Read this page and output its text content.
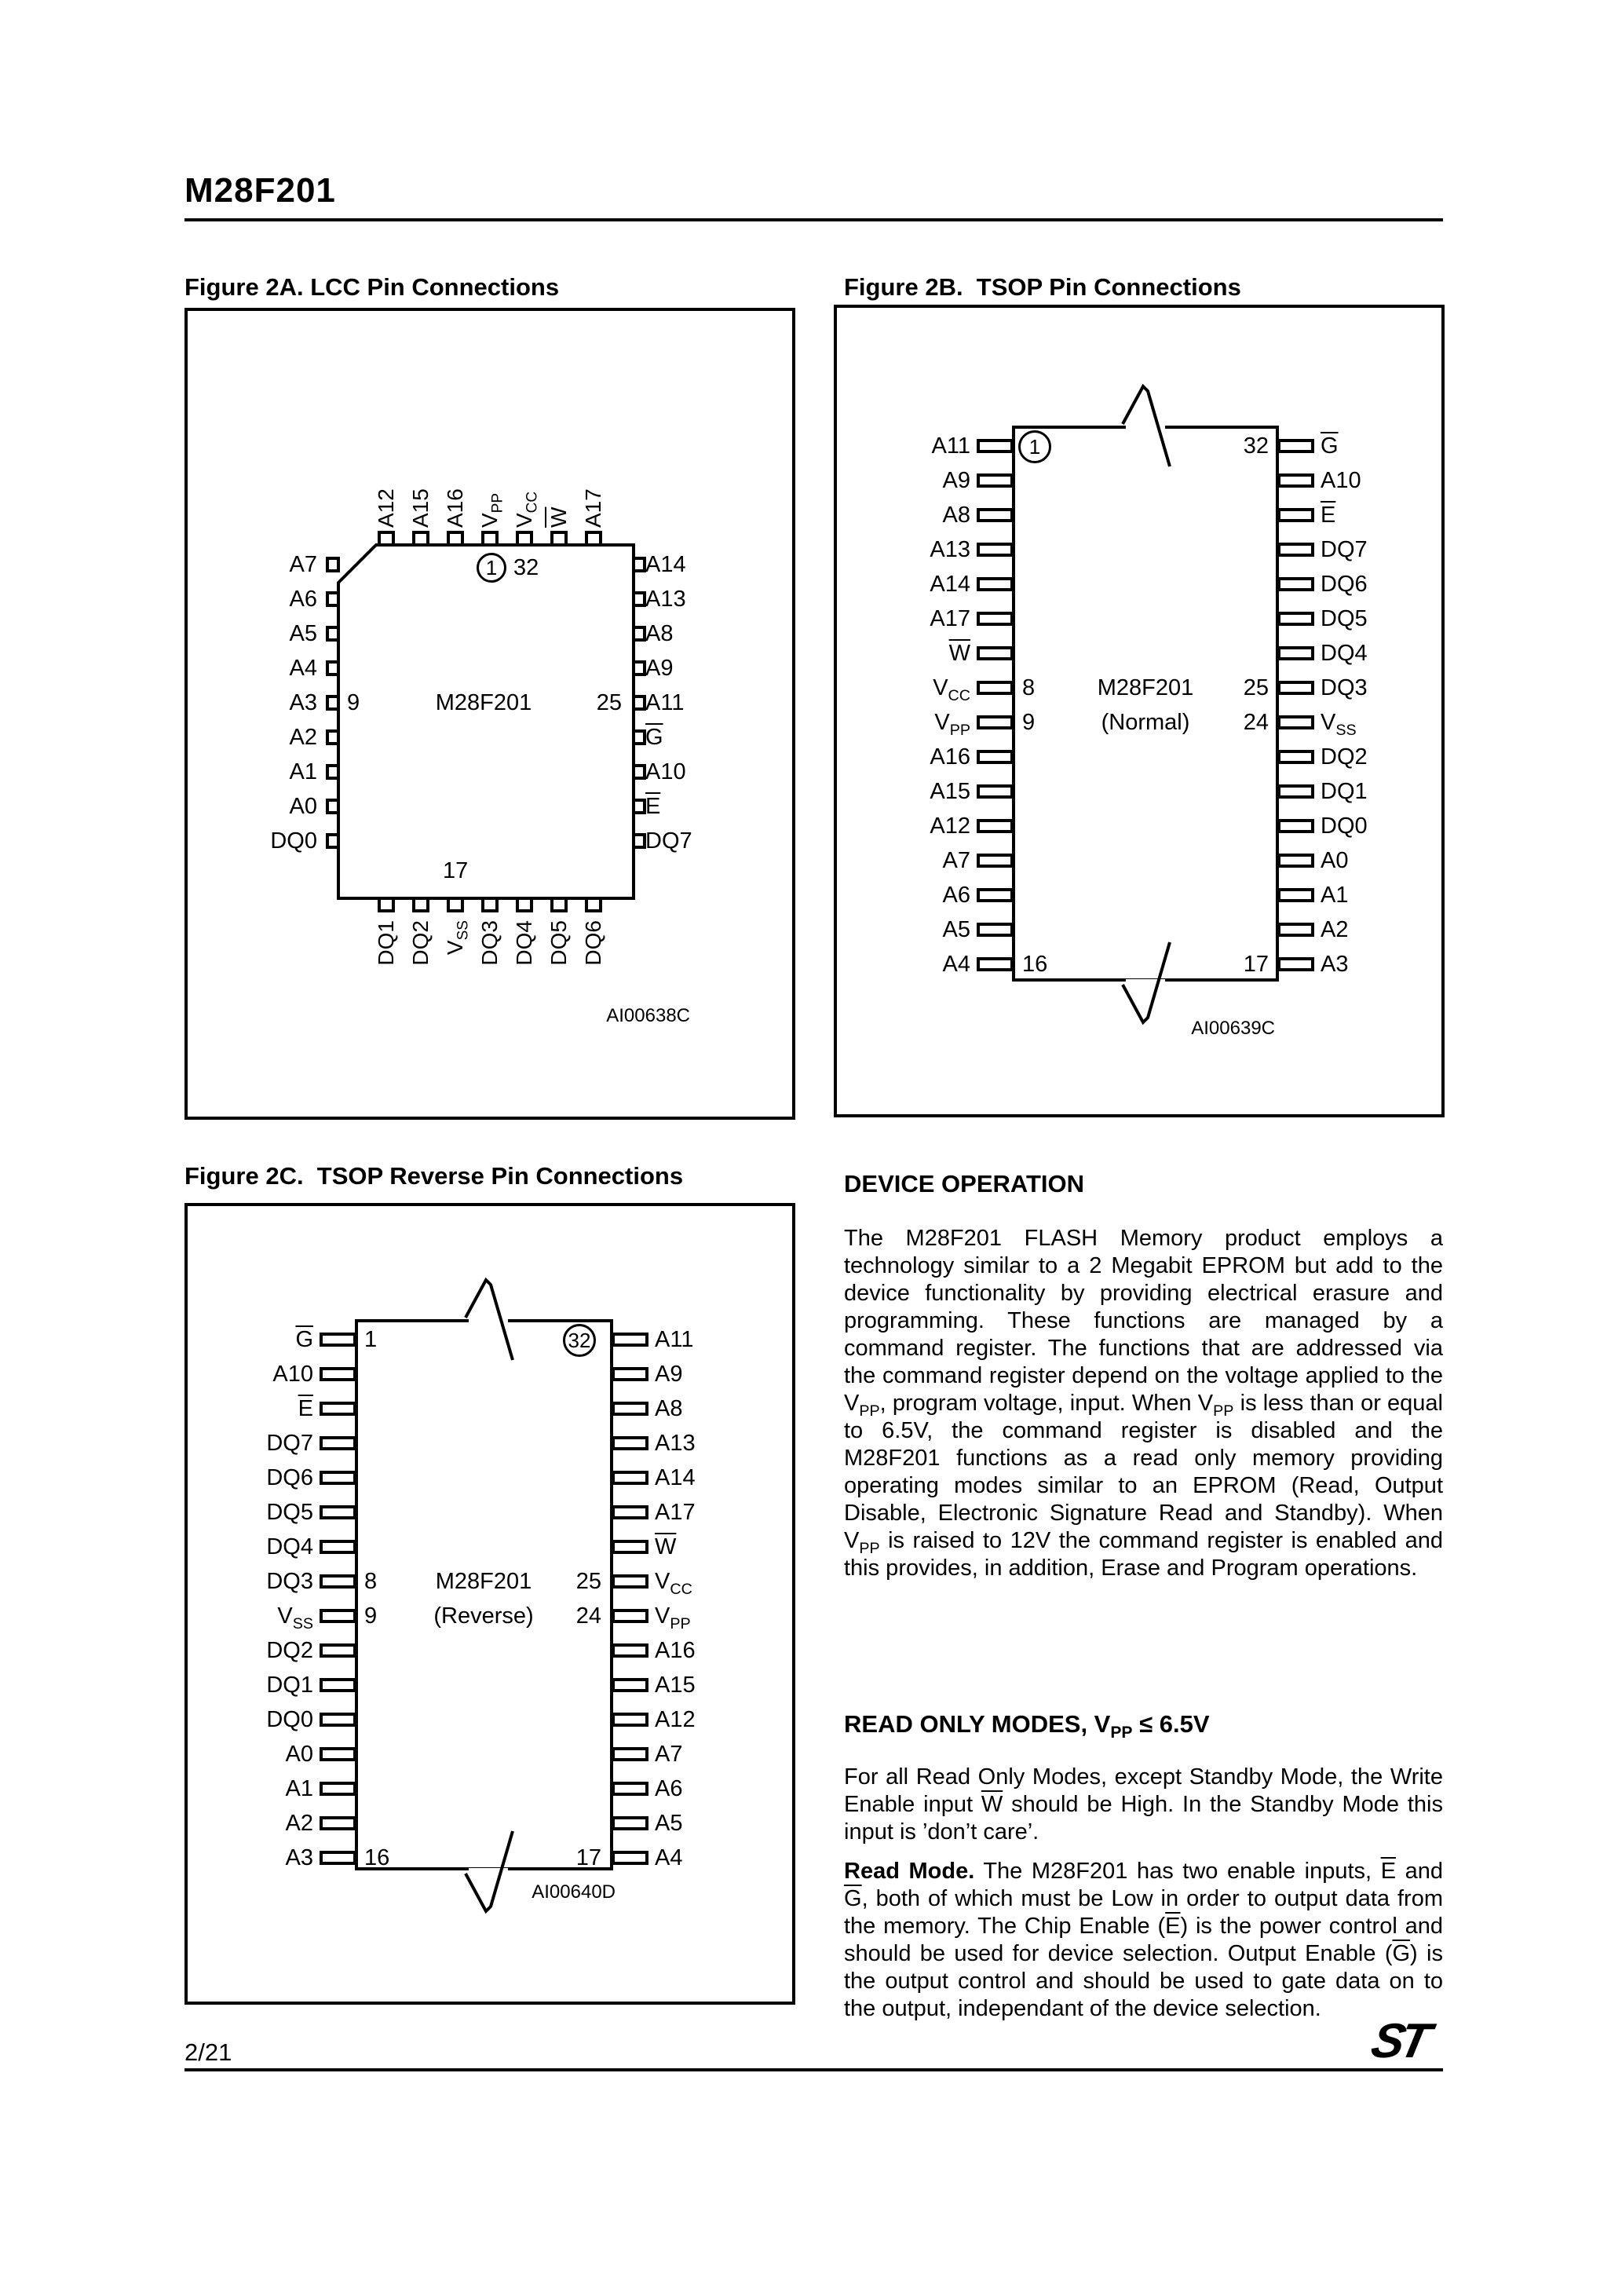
M28F201
Figure 2A. LCC Pin Connections	Figure 2B.  TSOP Pin Connections
Figure 2C.  TSOP Reverse Pin Connections
A12 A15 A16 $V_{PP}$
$V_{CC}$
$\overline{W}$ A17
DQ1 DQ2 $V_{SS}$ DQ3 DQ4 DQ5 DQ6
A7
A6
A5
A4
A3 9
A2
A1
A0
DQ0
A14
A13
A8
A9
A11
25
$\overline{G}$
A10
$\overline{E}$
DQ7
1 32
M28F201
17
AI00638C
A11	$\overline{G}$
1	32
A9	A10
A8	$\overline{E}$
A13	DQ7
A14	DQ6
A17	DQ5
$\overline{W}$	DQ4
$V_{CC}$	DQ3
8	25
$V_{PP}$	$V_{SS}$
9	24
A16	DQ2
A15	DQ1
A12	DQ0
A7	A0
A6	A1
A5	A2
A4	A3
16	17
M28F201
(Normal)
AI00639C
$\overline{G}$	A11
1	32
A10	A9
$\overline{E}$	A8
DQ7	A13
DQ6	A14
DQ5	A17
DQ4	$\overline{W}$
DQ3	$V_{CC}$
8	25
$V_{SS}$	$V_{PP}$
9	24
DQ2	A16
DQ1	A15
DQ0	A12
A0	A7
A1	A6
A2	A5
A3	A4
16	17
M28F201
(Reverse)
AI00640D
DEVICE OPERATION
The M28F201 FLASH Memory product employs a technology similar to a 2 Megabit EPROM but add to the device functionality by providing electrical erasure and programming. These functions are managed by a command register. The functions that are addressed via the command register depend on the voltage applied to the $V_{PP}$, program voltage, input. When $V_{PP}$ is less than or equal to 6.5V, the command register is disabled and the M28F201 functions as a read only memory providing operating modes similar to an EPROM (Read, Output Disable, Electronic Signature Read and Standby). When $V_{PP}$ is raised to 12V the command register is enabled and this provides, in addition, Erase and Program operations.
READ ONLY MODES, $V_{PP} \le 6.5V$
For all Read Only Modes, except Standby Mode, the Write Enable input $\overline{W}$ should be High. In the Standby Mode this input is ’don’t care’.
Read Mode. The M28F201 has two enable inputs, $\overline{E}$ and $\overline{G}$, both of which must be Low in order to output data from the memory. The Chip Enable $(\overline{E})$ is the power control and should be used for device selection. Output Enable $(\overline{G})$ is the output control and should be used to gate data on to the output, independant of the device selection.
ST
2/21
